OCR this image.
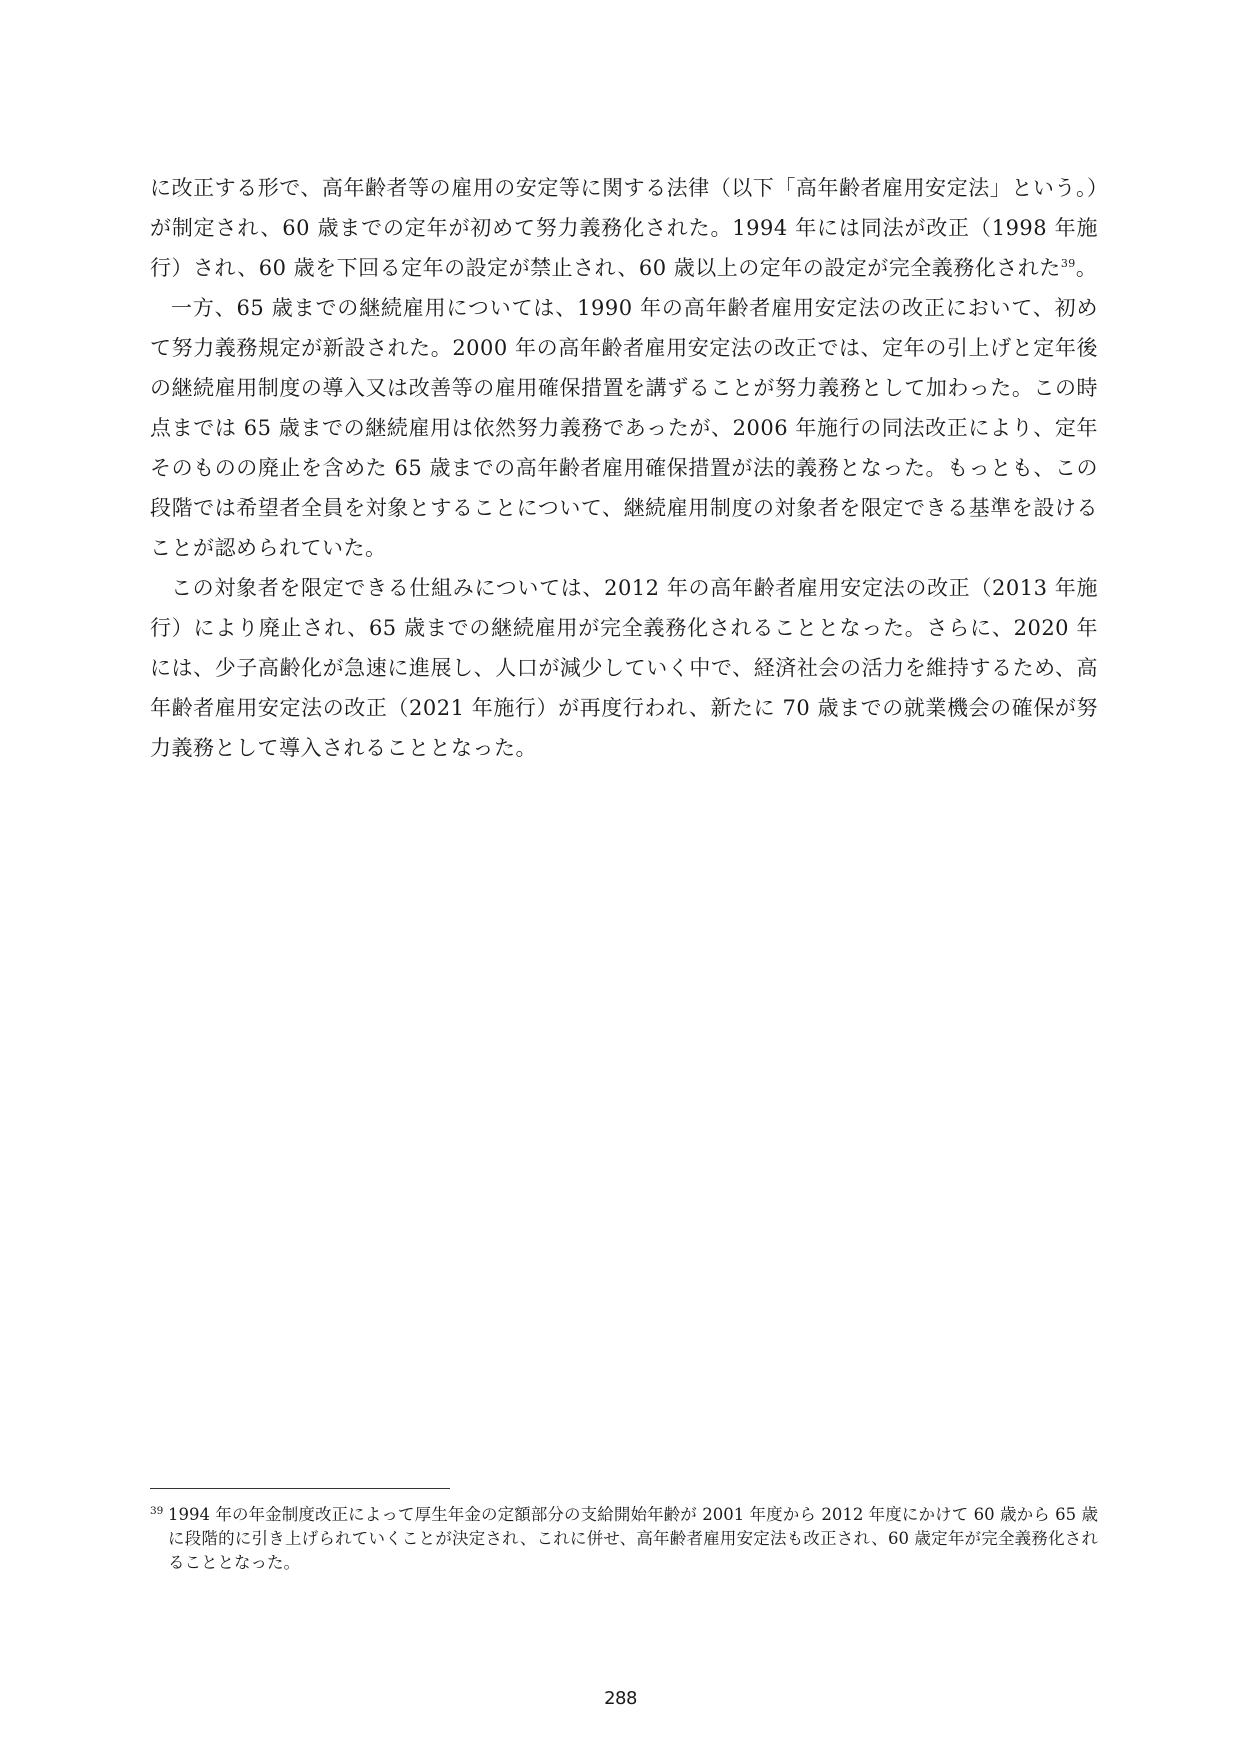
に改正する形で、高年齢者等の雇用の安定等に関する法律（以下「高年齢者雇用安定法」という。）が制定され、60 歳までの定年が初めて努力義務化された。1994 年には同法が改正（1998 年施行）され、60 歳を下回る定年の設定が禁止され、60 歳以上の定年の設定が完全義務化された$^{39}$。

一方、65 歳までの継続雇用については、1990 年の高年齢者雇用安定法の改正において、初めて努力義務規定が新設された。2000 年の高年齢者雇用安定法の改正では、定年の引上げと定年後の継続雇用制度の導入又は改善等の雇用確保措置を講ずることが努力義務として加わった。この時点までは 65 歳までの継続雇用は依然努力義務であったが、2006 年施行の同法改正により、定年そのものの廃止を含めた 65 歳までの高年齢者雇用確保措置が法的義務となった。もっとも、この段階では希望者全員を対象とすることについて、継続雇用制度の対象者を限定できる基準を設けることが認められていた。

この対象者を限定できる仕組みについては、2012 年の高年齢者雇用安定法の改正（2013 年施行）により廃止され、65 歳までの継続雇用が完全義務化されることとなった。さらに、2020 年には、少子高齢化が急速に進展し、人口が減少していく中で、経済社会の活力を維持するため、高年齢者雇用安定法の改正（2021 年施行）が再度行われ、新たに 70 歳までの就業機会の確保が努力義務として導入されることとなった。

39 1994 年の年金制度改正によって厚生年金の定額部分の支給開始年齢が 2001 年度から 2012 年度にかけて 60 歳から 65 歳に段階的に引き上げられていくことが決定され、これに併せ、高年齢者雇用安定法も改正され、60 歳定年が完全義務化されることとなった。
288
